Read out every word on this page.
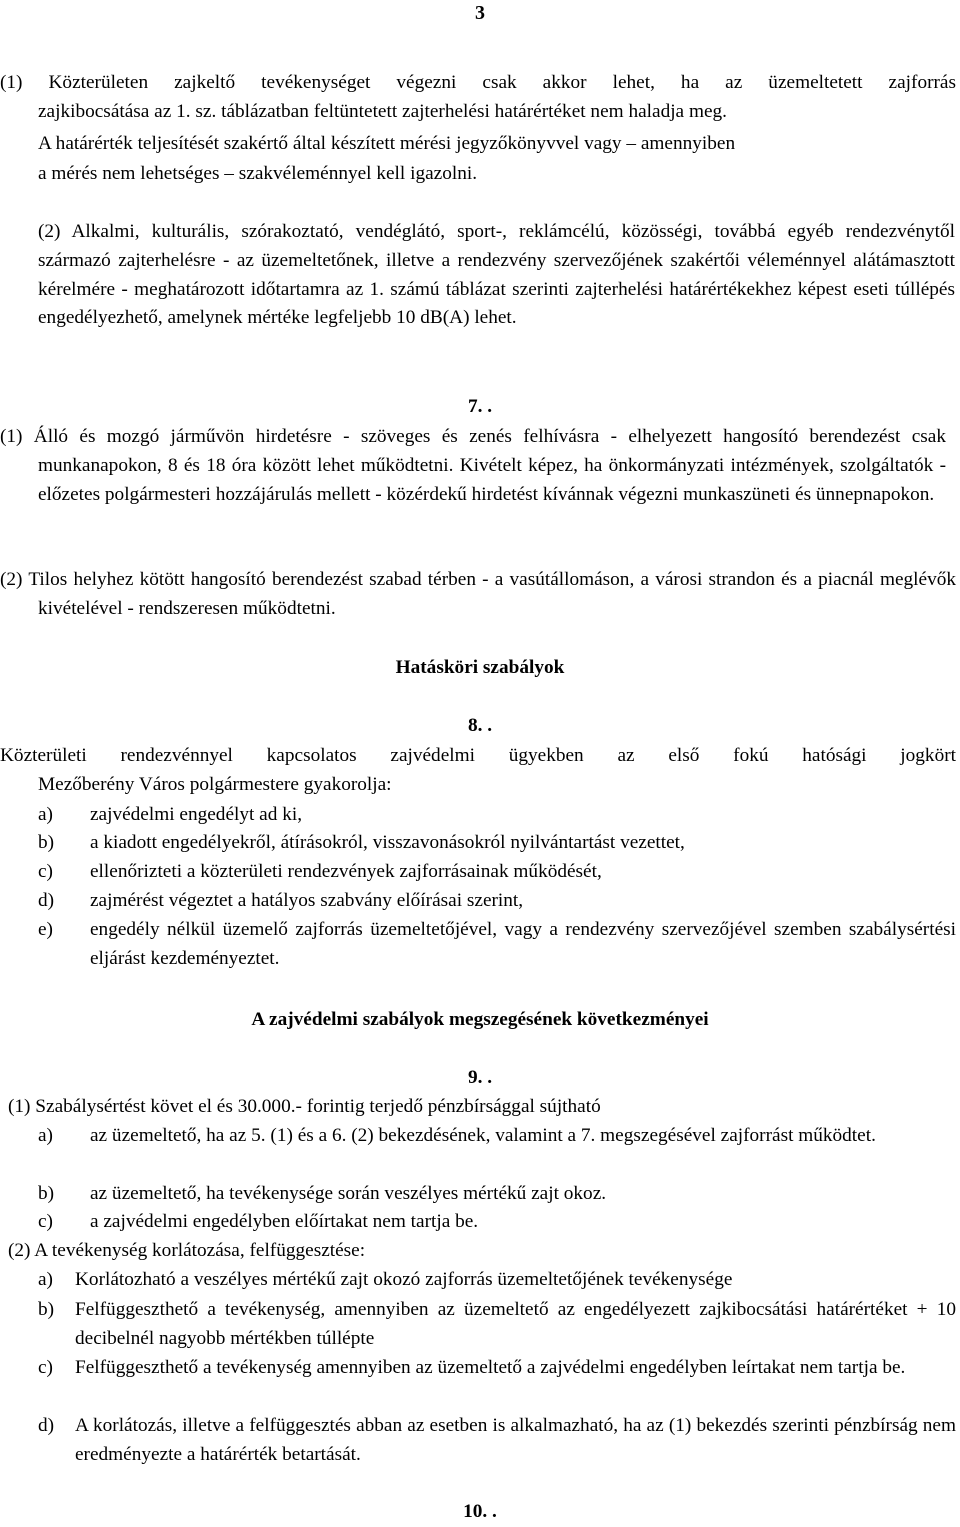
3
(1) Közterületen zajkeltő tevékenységet végezni csak akkor lehet, ha az üzemeltetett zajforrás
zajkibocsátása az 1. sz. táblázatban feltüntetett zajterhelési határértéket nem haladja meg.
A határérték teljesítését szakértő által készített mérési jegyzőkönyvvel vagy – amennyiben
a mérés nem lehetséges – szakvéleménnyel kell igazolni.
(2) Alkalmi, kulturális, szórakoztató, vendéglátó, sport-, reklámcélú, közösségi, továbbá egyéb rendezvénytől származó zajterhelésre - az üzemeltetőnek, illetve a rendezvény szervezőjének szakértői véleménnyel alátámasztott kérelmére - meghatározott időtartamra az 1. számú táblázat szerinti zajterhelési határértékekhez képest eseti túllépés engedélyezhető, amelynek mértéke legfeljebb 10 dB(A) lehet.
7. .
(1) Álló és mozgó járművön hirdetésre - szöveges és zenés felhívásra - elhelyezett hangosító berendezést csak munkanapokon, 8 és 18 óra között lehet működtetni. Kivételt képez, ha önkormányzati intézmények, szolgáltatók - előzetes polgármesteri hozzájárulás mellett - közérdekű hirdetést kívánnak végezni munkaszüneti és ünnepnapokon.
(2) Tilos helyhez kötött hangosító berendezést szabad térben - a vasútállomáson, a városi strandon és a piacnál meglévők kivételével - rendszeresen működtetni.
Hatásköri szabályok
8. .
Közterületi rendezvénnyel kapcsolatos zajvédelmi ügyekben az első fokú hatósági jogkört
Mezőberény Város polgármestere gyakorolja:
a) zajvédelmi engedélyt ad ki,
b) a kiadott engedélyekről, átírásokról, visszavonásokról nyilvántartást vezettet,
c) ellenőrizteti a közterületi rendezvények zajforrásainak működését,
d) zajmérést végeztet a hatályos szabvány előírásai szerint,
e) engedély nélkül üzemelő zajforrás üzemeltetőjével, vagy a rendezvény szervezőjével szemben szabálysértési eljárást kezdeményeztet.
A zajvédelmi szabályok megszegésének következményei
9. .
(1) Szabálysértést követ el és 30.000.- forintig terjedő pénzbírsággal sújtható
a) az üzemeltető, ha az 5. (1) és a 6. (2) bekezdésének, valamint a 7. megszegésével zajforrást működtet.
b) az üzemeltető, ha tevékenysége során veszélyes mértékű zajt okoz.
c) a zajvédelmi engedélyben előírtakat nem tartja be.
(2) A tevékenység korlátozása, felfüggesztése:
a) Korlátozható a veszélyes mértékű zajt okozó zajforrás üzemeltetőjének tevékenysége
b) Felfüggeszthető a tevékenység, amennyiben az üzemeltető az engedélyezett zajkibocsátási határértéket + 10 decibelnél nagyobb mértékben túllépte
c) Felfüggeszthető a tevékenység amennyiben az üzemeltető a zajvédelmi engedélyben leírtakat nem tartja be.
d) A korlátozás, illetve a felfüggesztés abban az esetben is alkalmazható, ha az (1) bekezdés szerinti pénzbírság nem eredményezte a határérték betartását.
10. .
